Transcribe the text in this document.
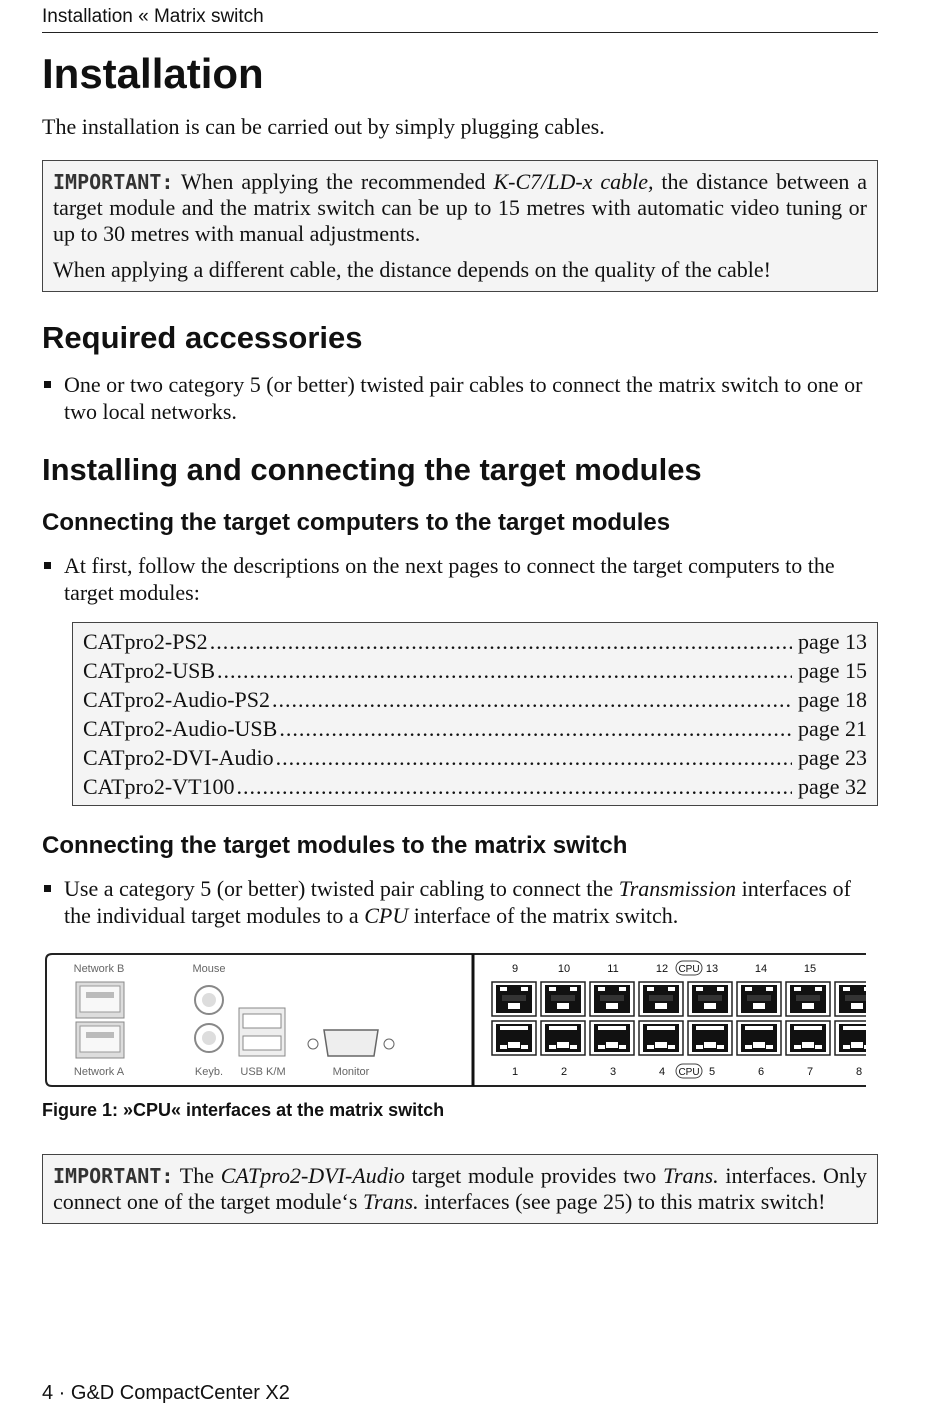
Installation « Matrix switch
Installation
The installation is can be carried out by simply plugging cables.
IMPORTANT: When applying the recommended K-C7/LD-x cable, the distance between a target module and the matrix switch can be up to 15 metres with automatic video tuning or up to 30 metres with manual adjustments.
When applying a different cable, the distance depends on the quality of the cable!
Required accessories
One or two category 5 (or better) twisted pair cables to connect the matrix switch to one or two local networks.
Installing and connecting the target modules
Connecting the target computers to the target modules
At first, follow the descriptions on the next pages to connect the target computers to the target modules:
CATpro2-PS2 .....	page 13
CATpro2-USB .....	page 15
CATpro2-Audio-PS2 .....	page 18
CATpro2-Audio-USB .....	page 21
CATpro2-DVI-Audio .....	page 23
CATpro2-VT100 .....	page 32
Connecting the target modules to the matrix switch
Use a category 5 (or better) twisted pair cabling to connect the Transmission interfaces of the individual target modules to a CPU interface of the matrix switch.
Network B
Network A
Mouse
Keyb. USB K/M	Monitor
CPU
CPU
9	10	11	12	13	14	15
1	2	3	4	5	6	7	8
Figure 1: »CPU« interfaces at the matrix switch
IMPORTANT: The CATpro2-DVI-Audio target module provides two Trans. interfaces. Only connect one of the target module‘s Trans. interfaces (see page 25) to this matrix switch!
4 · G&D CompactCenter X2
